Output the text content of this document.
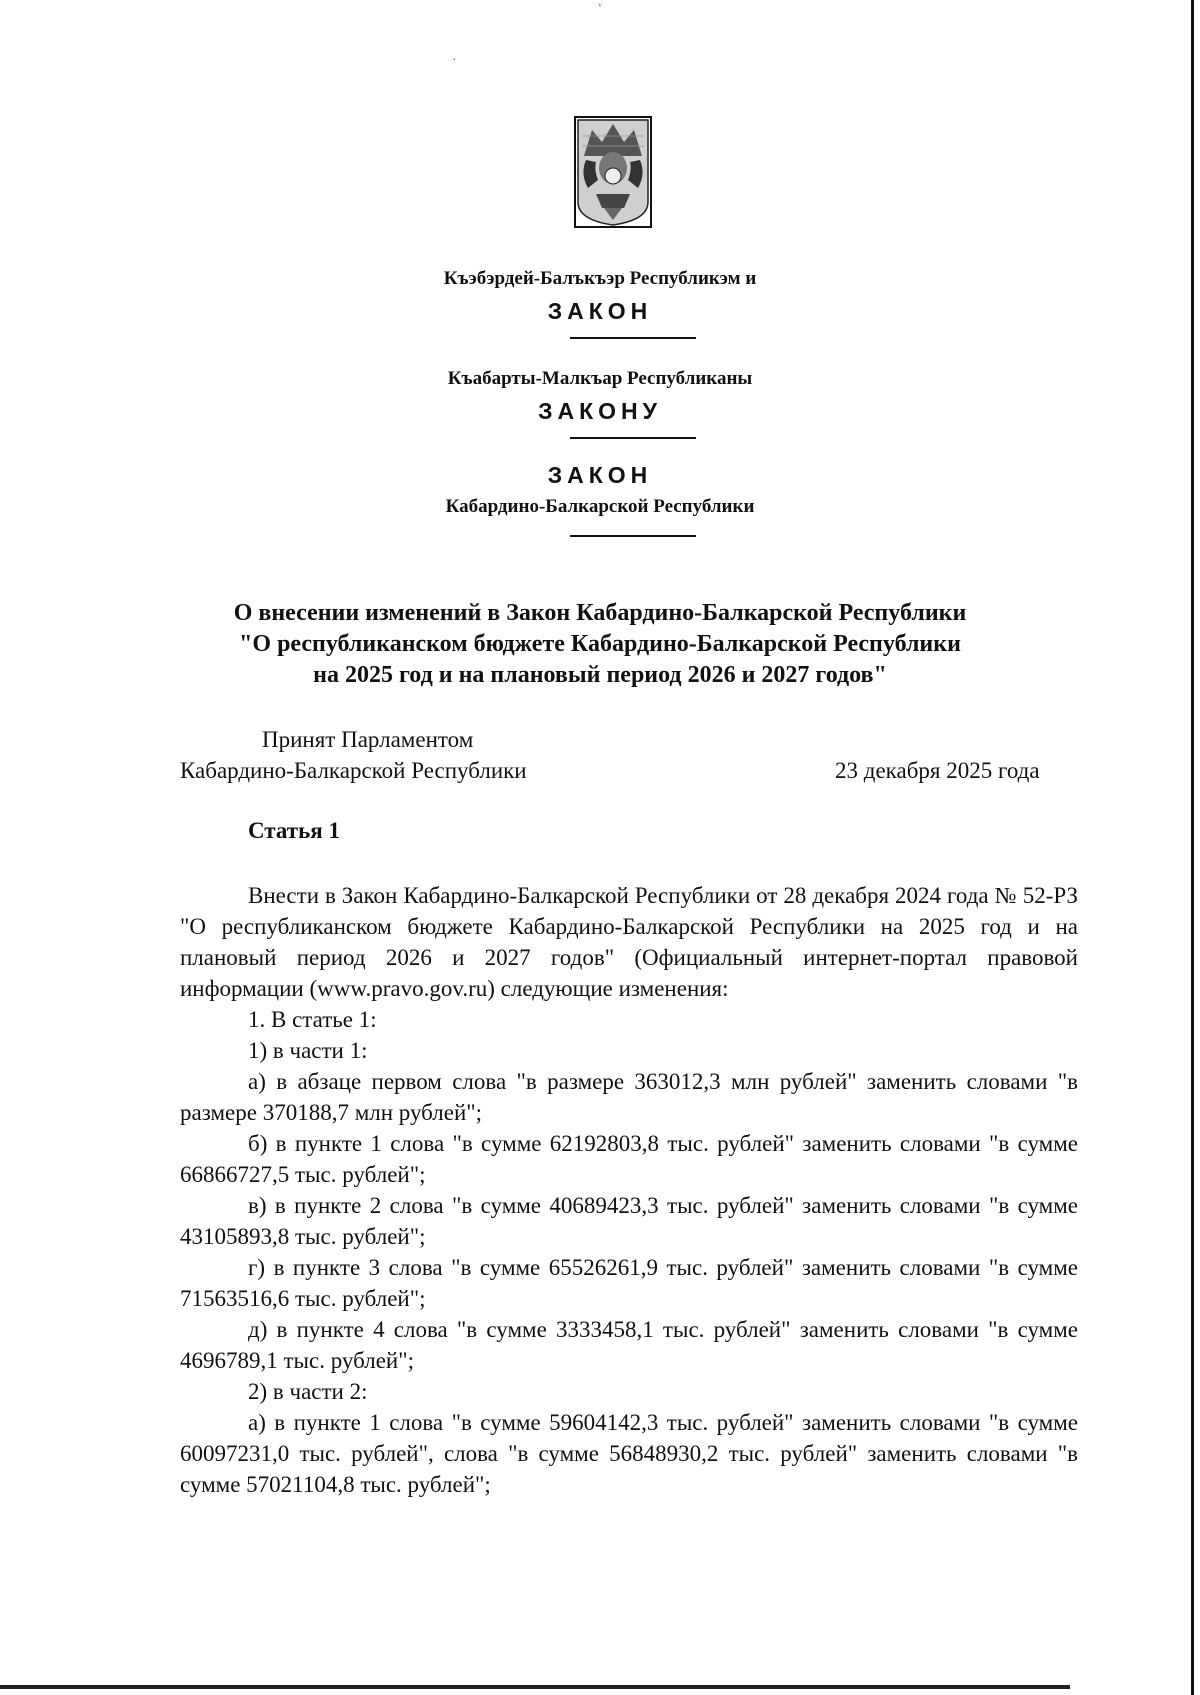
ᵥ
·
Къэбэрдей-Балъкъэр Республикэм и
ЗАКОН
Къабарты-Малкъар Республиканы
ЗАКОНУ
ЗАКОН
Кабардино-Балкарской Республики
О внесении изменений в Закон Кабардино-Балкарской Республики
"О республиканском бюджете Кабардино-Балкарской Республики
на 2025 год и на плановый период 2026 и 2027 годов"
Принят Парламентом
Кабардино-Балкарской Республики	23 декабря 2025 года
Статья 1

Внести в Закон Кабардино-Балкарской Республики от 28 декабря 2024 года № 52-РЗ "О республиканском бюджете Кабардино-Балкарской Республики на 2025 год и на плановый период 2026 и 2027 годов" (Официальный интернет-портал правовой информации (www.pravo.gov.ru) следующие изменения:

1. В статье 1:

1) в части 1:

а) в абзаце первом слова "в размере 363012,3 млн рублей" заменить словами "в размере 370188,7 млн рублей";

б) в пункте 1 слова "в сумме 62192803,8 тыс. рублей" заменить словами "в сумме 66866727,5 тыс. рублей";

в) в пункте 2 слова "в сумме 40689423,3 тыс. рублей" заменить словами "в сумме 43105893,8 тыс. рублей";

г) в пункте 3 слова "в сумме 65526261,9 тыс. рублей" заменить словами "в сумме 71563516,6 тыс. рублей";

д) в пункте 4 слова "в сумме 3333458,1 тыс. рублей" заменить словами "в сумме 4696789,1 тыс. рублей";

2) в части 2:

а) в пункте 1 слова "в сумме 59604142,3 тыс. рублей" заменить словами "в сумме 60097231,0 тыс. рублей", слова "в сумме 56848930,2 тыс. рублей" заменить словами "в сумме 57021104,8 тыс. рублей";
